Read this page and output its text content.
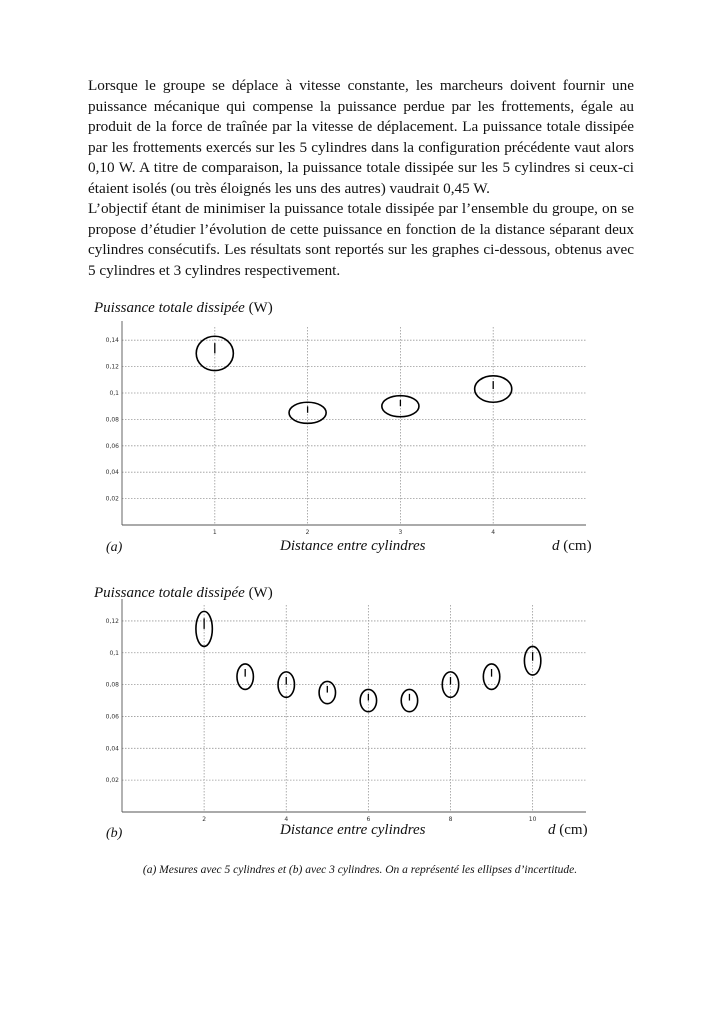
Lorsque le groupe se déplace à vitesse constante, les marcheurs doivent fournir une puissance mécanique qui compense la puissance perdue par les frottements, égale au produit de la force de traînée par la vitesse de déplacement. La puissance totale dissipée par les frottements exercés sur les 5 cylindres dans la configuration précédente vaut alors 0,10 W. A titre de comparaison, la puissance totale dissipée sur les 5 cylindres si ceux-ci étaient isolés (ou très éloignés les uns des autres) vaudrait 0,45 W.

L’objectif étant de minimiser la puissance totale dissipée par l’ensemble du groupe, on se propose d’étudier l’évolution de cette puissance en fonction de la distance séparant deux cylindres consécutifs. Les résultats sont reportés sur les graphes ci-dessous, obtenus avec 5 cylindres et 3 cylindres respectivement.

Puissance totale dissipée (W)
0,02
0,04
0,06
0,08
0,1
0,12
0,14
1	2	3	4
(a)	Distance entre cylindres	d (cm)
Puissance totale dissipée (W)
0,02
0,04
0,06
0,08
0,1
0,12
2	4	6	8	10
(b)	Distance entre cylindres	d (cm)
(a) Mesures avec 5 cylindres et (b) avec 3 cylindres. On a représenté les ellipses d’incertitude.
